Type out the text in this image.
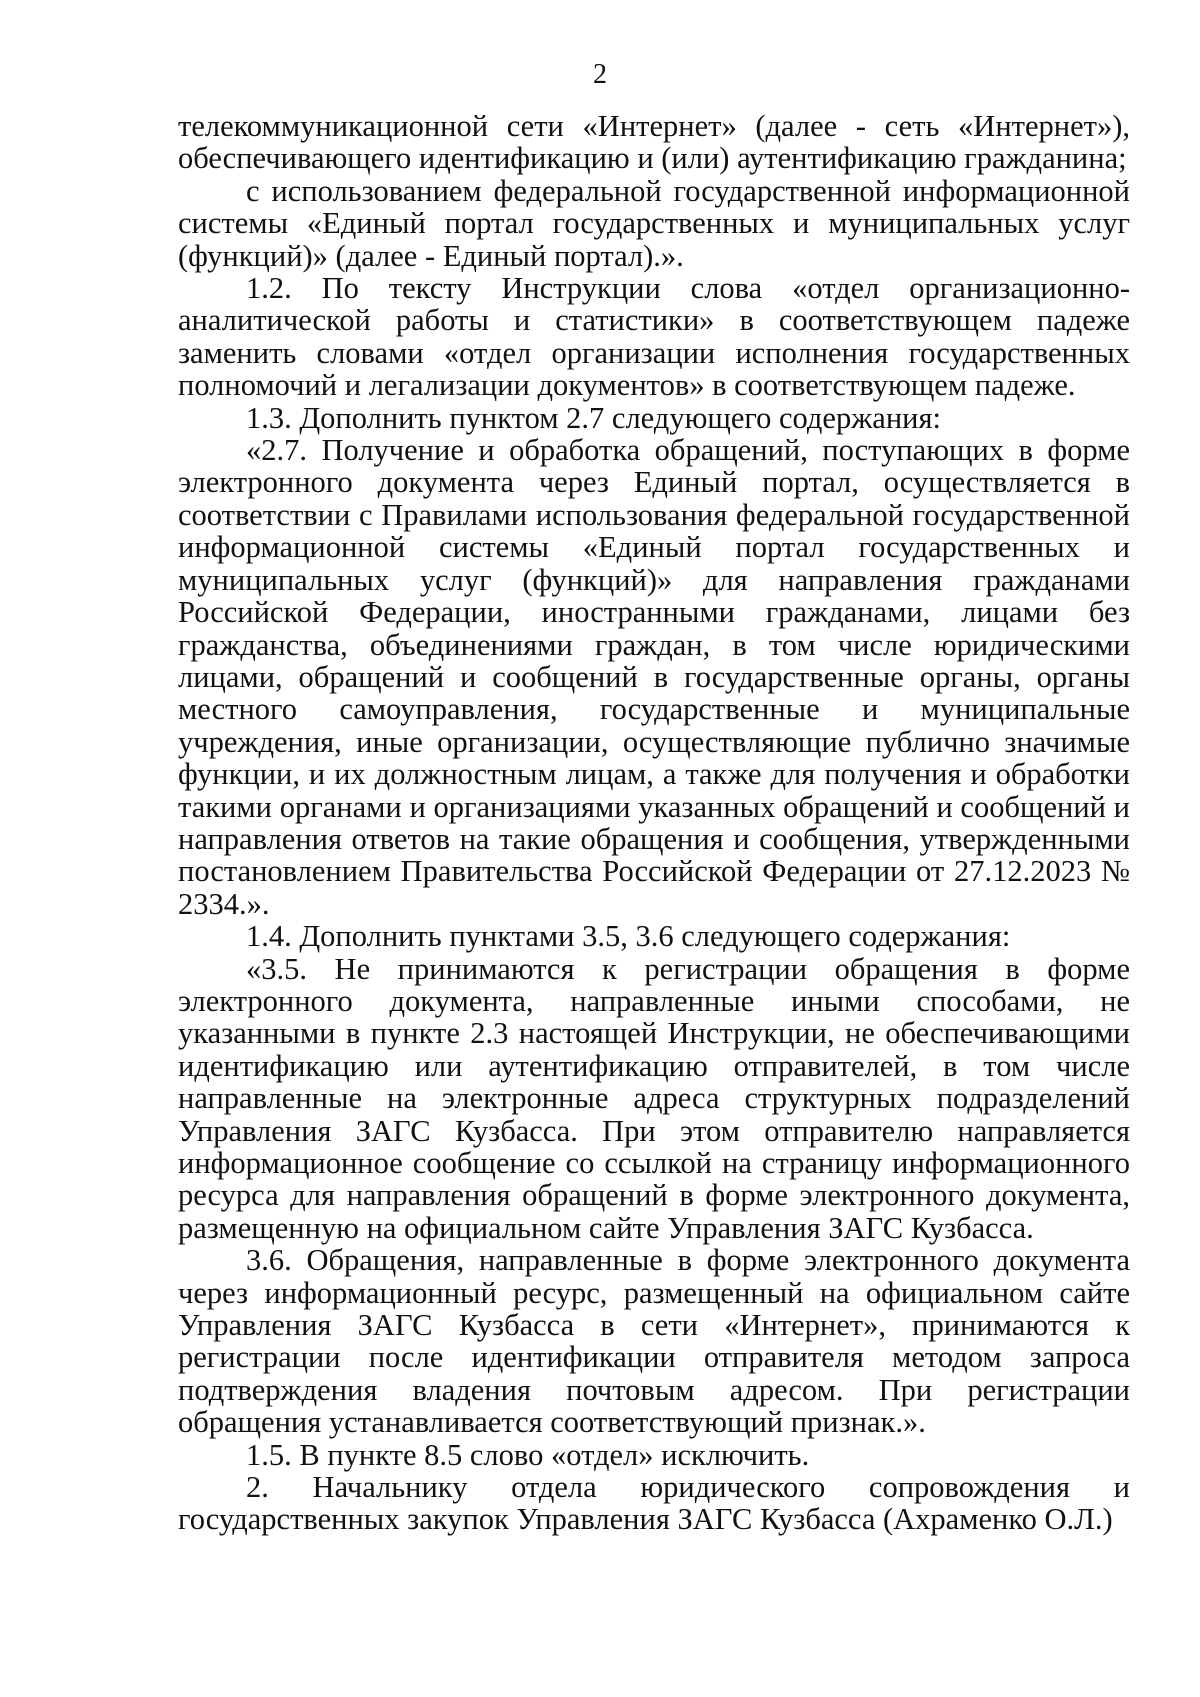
2

телекоммуникационной сети «Интернет» (далее - сеть «Интернет»), обеспечивающего идентификацию и (или) аутентификацию гражданина;

с использованием федеральной государственной информационной системы «Единый портал государственных и муниципальных услуг (функций)» (далее - Единый портал).».

1.2. По тексту Инструкции слова «отдел организационно-аналитической работы и статистики» в соответствующем падеже заменить словами «отдел организации исполнения государственных полномочий и легализации документов» в соответствующем падеже.

1.3. Дополнить пунктом 2.7 следующего содержания:

«2.7. Получение и обработка обращений, поступающих в форме электронного документа через Единый портал, осуществляется в соответствии с Правилами использования федеральной государственной информационной системы «Единый портал государственных и муниципальных услуг (функций)» для направления гражданами Российской Федерации, иностранными гражданами, лицами без гражданства, объединениями граждан, в том числе юридическими лицами, обращений и сообщений в государственные органы, органы местного самоуправления, государственные и муниципальные учреждения, иные организации, осуществляющие публично значимые функции, и их должностным лицам, а также для получения и обработки такими органами и организациями указанных обращений и сообщений и направления ответов на такие обращения и сообщения, утвержденными постановлением Правительства Российской Федерации от 27.12.2023 № 2334.».

1.4. Дополнить пунктами 3.5, 3.6 следующего содержания:

«3.5. Не принимаются к регистрации обращения в форме электронного документа, направленные иными способами, не указанными в пункте 2.3 настоящей Инструкции, не обеспечивающими идентификацию или аутентификацию отправителей, в том числе направленные на электронные адреса структурных подразделений Управления ЗАГС Кузбасса. При этом отправителю направляется информационное сообщение со ссылкой на страницу информационного ресурса для направления обращений в форме электронного документа, размещенную на официальном сайте Управления ЗАГС Кузбасса.

3.6. Обращения, направленные в форме электронного документа через информационный ресурс, размещенный на официальном сайте Управления ЗАГС Кузбасса в сети «Интернет», принимаются к регистрации после идентификации отправителя методом запроса подтверждения владения почтовым адресом. При регистрации обращения устанавливается соответствующий признак.».

1.5. В пункте 8.5 слово «отдел» исключить.

2. Начальнику отдела юридического сопровождения и государственных закупок Управления ЗАГС Кузбасса (Ахраменко О.Л.)
